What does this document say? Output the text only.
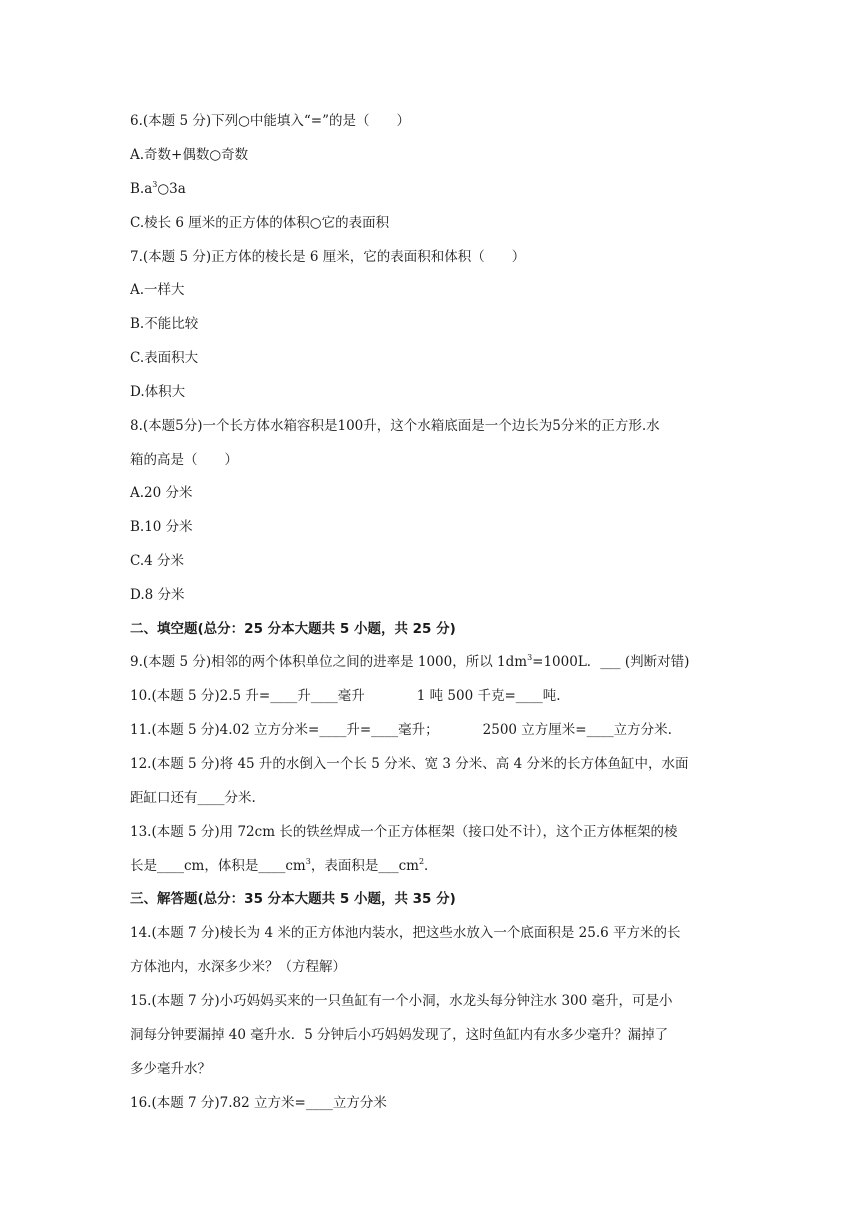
6.(本题 5 分)下列○中能填入“=”的是（　　）
A.奇数+偶数○奇数
$B.a^3○3a$
C.棱长 6 厘米的正方体的体积○它的表面积
7.(本题 5 分)正方体的棱长是 6 厘米，它的表面积和体积（　　）
A.一样大
B.不能比较
C.表面积大
D.体积大
8.(本题5分)一个长方体水箱容积是100升，这个水箱底面是一个边长为5分米的正方形.水
箱的高是（　　）
A.20 分米
B.10 分米
C.4 分米
D.8 分米
二、填空题(总分：25 分本大题共 5 小题，共 25 分)
9.(本题 5 分)相邻的两个体积单位之间的进率是 1000，所以 $1dm^3=1000L$．___ (判断对错)
10.(本题 5 分)2.5 升=____升____毫升	1 吨 500 千克=____吨.
11.(本题 5 分)4.02 立方分米=____升=____毫升；	2500 立方厘米=____立方分米.
12.(本题 5 分)将 45 升的水倒入一个长 5 分米、宽 3 分米、高 4 分米的长方体鱼缸中，水面
距缸口还有____分米.
13.(本题 5 分)用 72cm 长的铁丝焊成一个正方体框架（接口处不计），这个正方体框架的棱
长是____cm，体积是$\_\_\_\_cm^3$，表面积是$\_\_\_cm^2$．
三、解答题(总分：35 分本大题共 5 小题，共 35 分)
14.(本题 7 分)棱长为 4 米的正方体池内装水，把这些水放入一个底面积是 25.6 平方米的长
方体池内，水深多少米？（方程解）
15.(本题 7 分)小巧妈妈买来的一只鱼缸有一个小洞，水龙头每分钟注水 300 毫升，可是小
洞每分钟要漏掉 40 毫升水．5 分钟后小巧妈妈发现了，这时鱼缸内有水多少毫升？漏掉了
多少毫升水？
16.(本题 7 分)7.82 立方米=____立方分米
